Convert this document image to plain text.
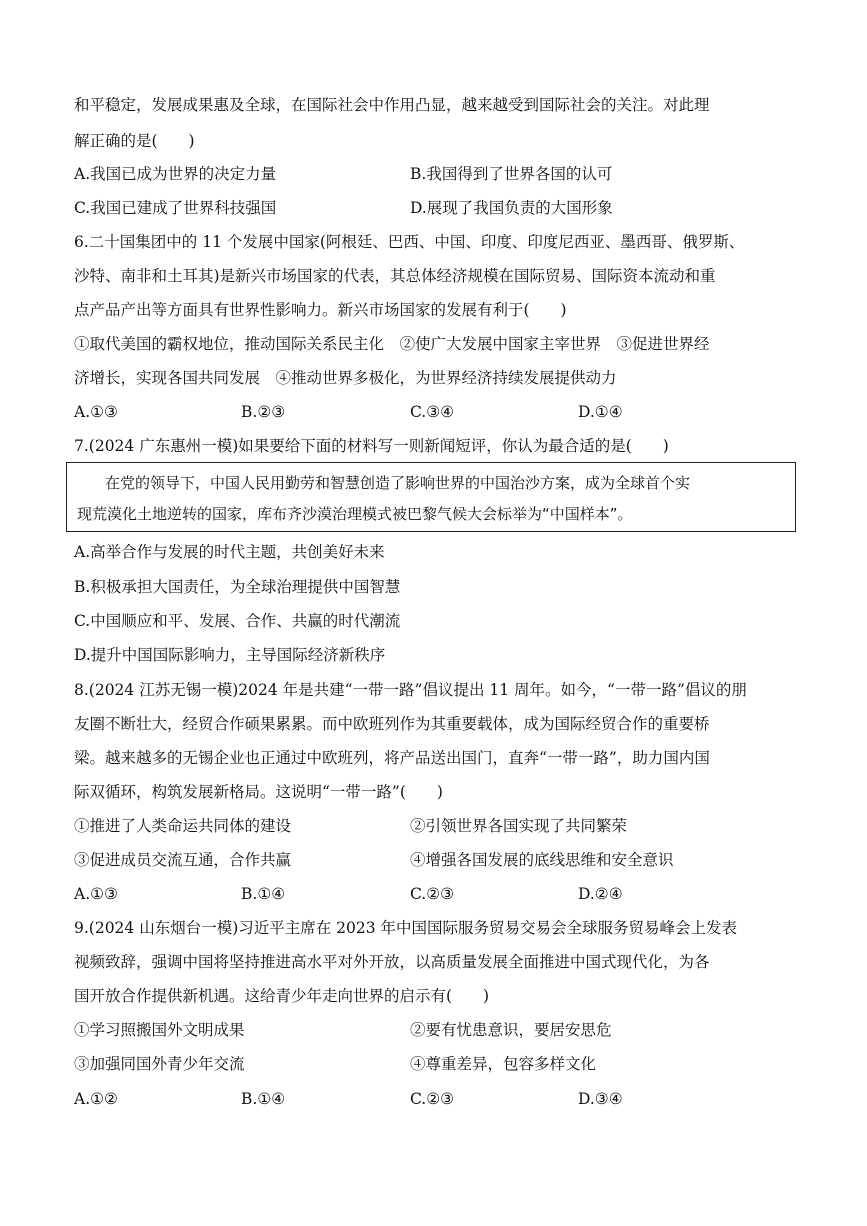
和平稳定，发展成果惠及全球，在国际社会中作用凸显，越来越受到国际社会的关注。对此理
解正确的是(　　)
A.我国已成为世界的决定力量	B.我国得到了世界各国的认可
C.我国已建成了世界科技强国	D.展现了我国负责的大国形象
6.二十国集团中的 11 个发展中国家(阿根廷、巴西、中国、印度、印度尼西亚、墨西哥、俄罗斯、
沙特、南非和土耳其)是新兴市场国家的代表，其总体经济规模在国际贸易、国际资本流动和重
点产品产出等方面具有世界性影响力。新兴市场国家的发展有利于(　　)
①取代美国的霸权地位，推动国际关系民主化　②使广大发展中国家主宰世界　③促进世界经
济增长，实现各国共同发展　④推动世界多极化，为世界经济持续发展提供动力
A.①③	B.②③	C.③④	D.①④
7.(2024 广东惠州一模)如果要给下面的材料写一则新闻短评，你认为最合适的是(　　)
在党的领导下，中国人民用勤劳和智慧创造了影响世界的中国治沙方案，成为全球首个实
现荒漠化土地逆转的国家，库布齐沙漠治理模式被巴黎气候大会标举为“中国样本”。
A.高举合作与发展的时代主题，共创美好未来
B.积极承担大国责任，为全球治理提供中国智慧
C.中国顺应和平、发展、合作、共赢的时代潮流
D.提升中国国际影响力，主导国际经济新秩序
8.(2024 江苏无锡一模)2024 年是共建“一带一路”倡议提出 11 周年。如今，“一带一路”倡议的朋
友圈不断壮大，经贸合作硕果累累。而中欧班列作为其重要载体，成为国际经贸合作的重要桥
梁。越来越多的无锡企业也正通过中欧班列，将产品送出国门，直奔“一带一路”，助力国内国
际双循环，构筑发展新格局。这说明“一带一路”(　　)
①推进了人类命运共同体的建设	②引领世界各国实现了共同繁荣
③促进成员交流互通，合作共赢	④增强各国发展的底线思维和安全意识
A.①③	B.①④	C.②③	D.②④
9.(2024 山东烟台一模)习近平主席在 2023 年中国国际服务贸易交易会全球服务贸易峰会上发表
视频致辞，强调中国将坚持推进高水平对外开放，以高质量发展全面推进中国式现代化，为各
国开放合作提供新机遇。这给青少年走向世界的启示有(　　)
①学习照搬国外文明成果	②要有忧患意识，要居安思危
③加强同国外青少年交流	④尊重差异，包容多样文化
A.①②	B.①④	C.②③	D.③④
